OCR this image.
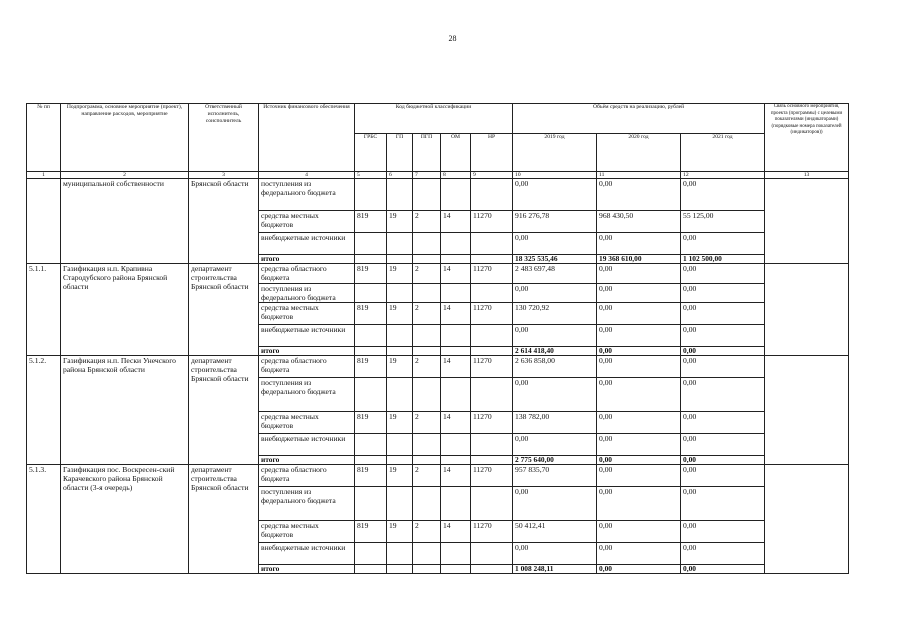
28
№ пп	Подпрограмма, основное мероприятие (проект), направление расходов, мероприятие	Ответственный исполнитель, соисполнитель	Источник финансового обеспечения	Код бюджетной классификации					Объём средств на реализацию, рублей			Связь основного мероприятия, проекта (программы) с целевыми показателями (индикаторами) (порядковые номера показателей (индикаторов))
				ГРБС	ГП	ПГП	ОМ	НР	2019 год	2020 год	2021 год	
1	2	3	4	5	6	7	8	9	10	11	12	13
	муниципальной собственности	Брянской области	поступления из федерального бюджета						0,00	0,00	0,00	
			средства местных бюджетов	819	19	2	14	11270	916 276,78	968 430,50	55 125,00	
			внебюджетные источники						0,00	0,00	0,00	
			итого						18 325 535,46	19 368 610,00	1 102 500,00	
5.1.1.	Газификация н.п. Крапивна Стародубского района Брянской области	департамент строительства Брянской области	средства областного бюджета	819	19	2	14	11270	2 483 697,48	0,00	0,00	
			поступления из федерального бюджета						0,00	0,00	0,00	
			средства местных бюджетов	819	19	2	14	11270	130 720,92	0,00	0,00	
			внебюджетные источники						0,00	0,00	0,00	
			итого						2 614 418,40	0,00	0,00	
5.1.2.	Газификация н.п. Пески Унечского района Брянской области	департамент строительства Брянской области	средства областного бюджета	819	19	2	14	11270	2 636 858,00	0,00	0,00	
			поступления из федерального бюджета						0,00	0,00	0,00	
			средства местных бюджетов	819	19	2	14	11270	138 782,00	0,00	0,00	
			внебюджетные источники						0,00	0,00	0,00	
			итого						2 775 640,00	0,00	0,00	
5.1.3.	Газификация пос. Воскресен-ский Карачевского района Брянской области (3-я очередь)	департамент строительства Брянской области	средства областного бюджета	819	19	2	14	11270	957 835,70	0,00	0,00	
			поступления из федерального бюджета						0,00	0,00	0,00	
			средства местных бюджетов	819	19	2	14	11270	50 412,41	0,00	0,00	
			внебюджетные источники						0,00	0,00	0,00	
			итого						1 008 248,11	0,00	0,00	
